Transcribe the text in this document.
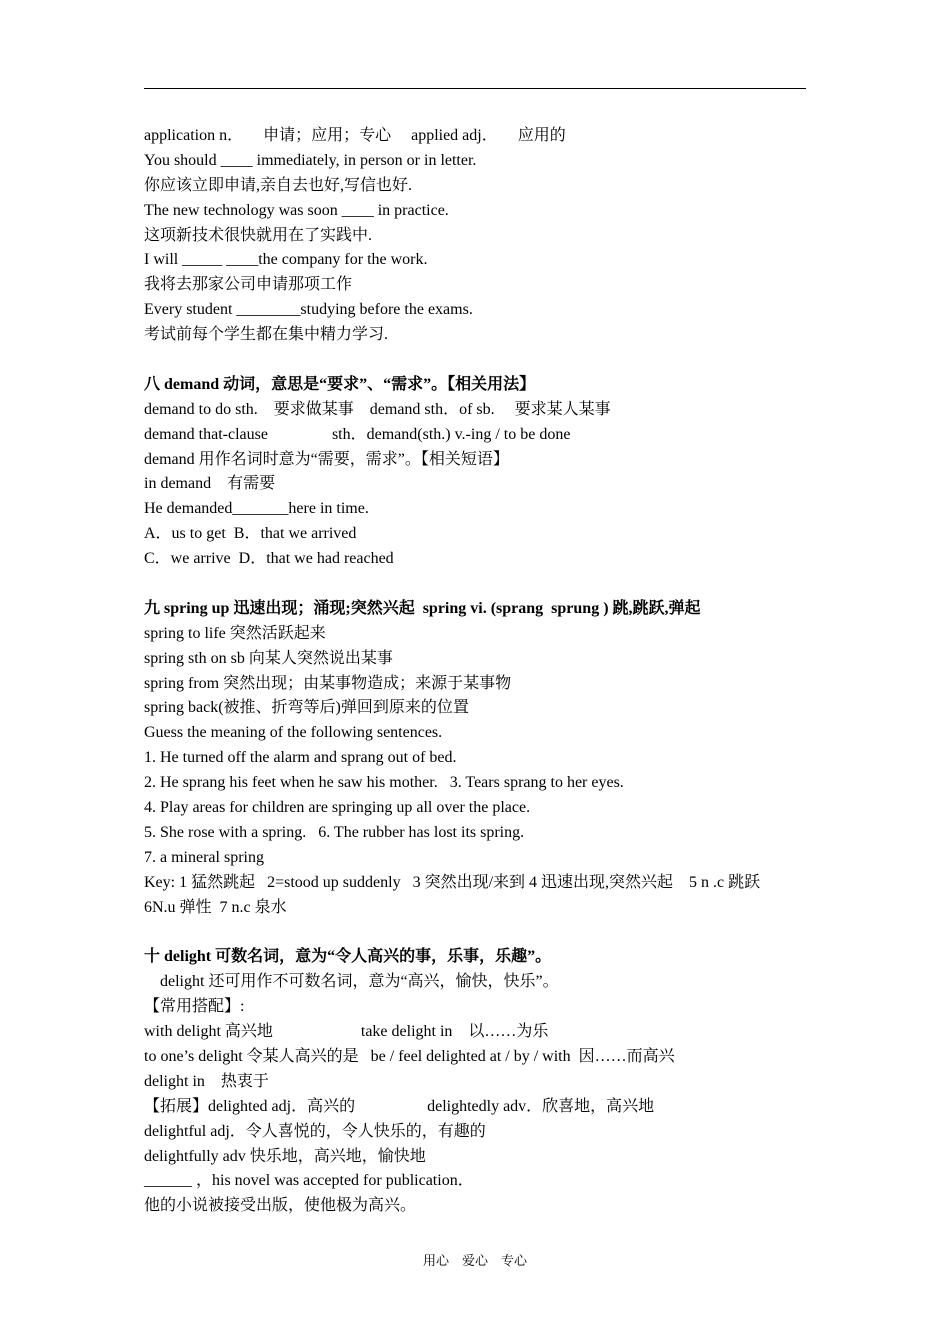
application n．     申请；应用；专心     applied adj．     应用的
You should ____ immediately, in person or in letter.
你应该立即申请,亲自去也好,写信也好.
The new technology was soon ____ in practice.
这项新技术很快就用在了实践中.
I will _____ ____the company for the work.
我将去那家公司申请那项工作
Every student ________studying before the exams.
考试前每个学生都在集中精力学习.
八 demand 动词，意思是“要求”、“需求”。【相关用法】
demand to do sth.    要求做某事    demand sth．of sb.     要求某人某事
demand that-clause                sth．demand(sth.) v.-ing / to be done
demand 用作名词时意为“需要，需求”。【相关短语】
in demand    有需要
He demanded_______here in time.
A．us to get  B．that we arrived
C．we arrive  D．that we had reached
九 spring up 迅速出现；涌现;突然兴起  spring vi. (sprang  sprung ) 跳,跳跃,弹起
spring to life 突然活跃起来
spring sth on sb 向某人突然说出某事
spring from 突然出现；由某事物造成；来源于某事物
spring back(被推、折弯等后)弹回到原来的位置
Guess the meaning of the following sentences.
1. He turned off the alarm and sprang out of bed.
2. He sprang his feet when he saw his mother.   3. Tears sprang to her eyes.
4. Play areas for children are springing up all over the place.
5. She rose with a spring.   6. The rubber has lost its spring.
7. a mineral spring
Key: 1 猛然跳起   2=stood up suddenly   3 突然出现/来到 4 迅速出现,突然兴起    5 n .c 跳跃
6N.u 弹性  7 n.c 泉水
十 delight 可数名词，意为“令人高兴的事，乐事，乐趣”。
delight 还可用作不可数名词，意为“高兴，愉快，快乐”。
【常用搭配】:
with delight 高兴地                      take delight in    以……为乐
to one’s delight 令某人高兴的是   be / feel delighted at / by / with  因……而高兴
delight in    热衷于
【拓展】delighted adj．高兴的                  delightedly adv．欣喜地，高兴地
delightful adj．令人喜悦的，令人快乐的，有趣的
delightfully adv 快乐地，高兴地，愉快地
______ ，his novel was accepted for publication．
他的小说被接受出版，使他极为高兴。
用心    爱心    专心
